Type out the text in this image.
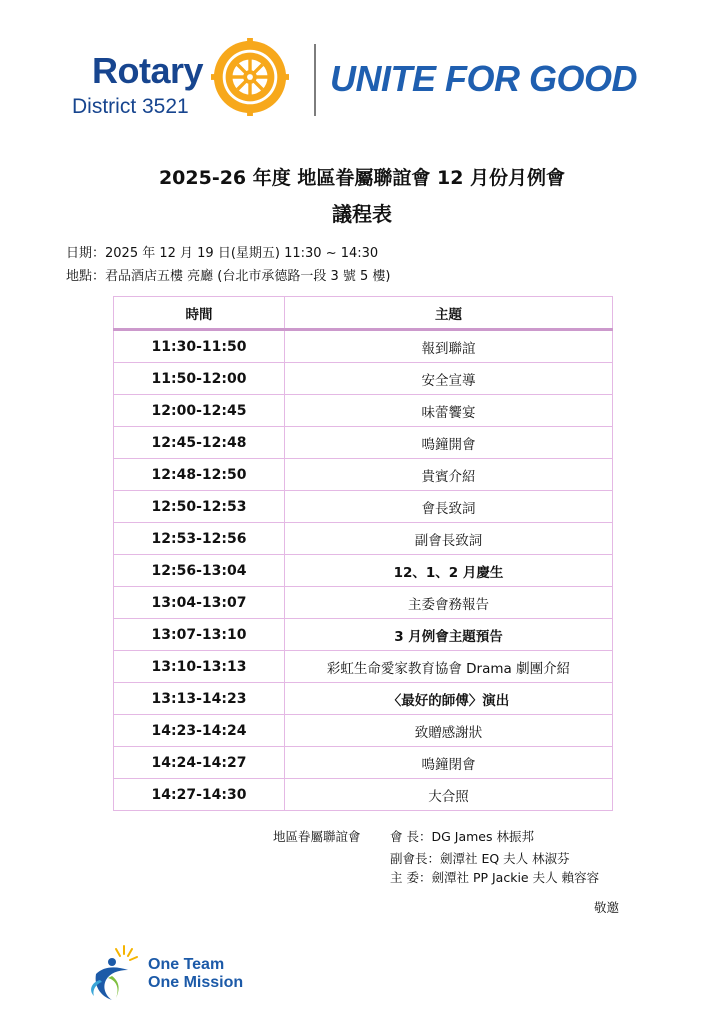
Rotary
District 3521
UNITE FOR GOOD
2025-26 年度 地區眷屬聯誼會 12 月份月例會
議程表
日期：2025 年 12 月 19 日(星期五) 11:30 ~ 14:30
地點：君品酒店五樓 亮廳 (台北市承德路一段 3 號 5 樓)
時間	主題
11:30-11:50	報到聯誼
11:50-12:00	安全宣導
12:00-12:45	味蕾饗宴
12:45-12:48	鳴鐘開會
12:48-12:50	貴賓介紹
12:50-12:53	會長致詞
12:53-12:56	副會長致詞
12:56-13:04	12、1、2 月慶生
13:04-13:07	主委會務報告
13:07-13:10	3 月例會主題預告
13:10-13:13	彩虹生命愛家教育協會 Drama 劇團介紹
13:13-14:23	〈最好的師傅〉演出
14:23-14:24	致贈感謝狀
14:24-14:27	鳴鐘閉會
14:27-14:30	大合照
地區眷屬聯誼會 會 長：DG James 林振邦
副會長：劍潭社 EQ 夫人 林淑芬
主 委：劍潭社 PP Jackie 夫人 賴容容
敬邀
One Team
One Mission
